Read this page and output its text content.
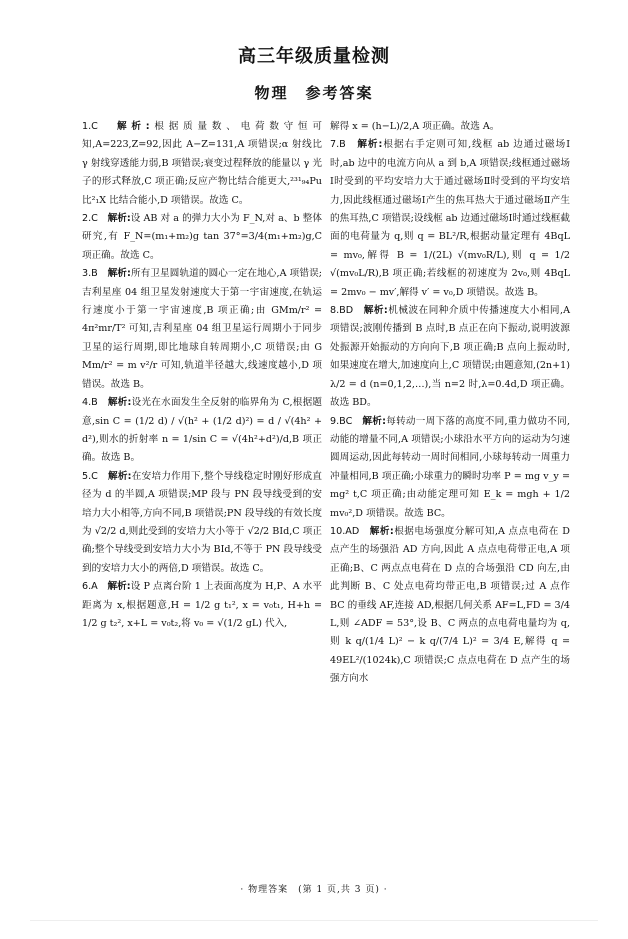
高三年级质量检测
物理　参考答案

1.C　 解析:根据质量数、电荷数守恒可知,A=223,Z=92,因此 A−Z=131,A 项错误;α 射线比 γ 射线穿透能力弱,B 项错误;衰变过程释放的能量以 γ 光子的形式释放,C 项正确;反应产物比结合能更大,²³¹₉₄Pu 比²₁X 比结合能小,D 项错误。故选 C。

2.C　 解析:设 AB 对 a 的弹力大小为 F_N,对 a、b 整体研究,有 F_N=(m₁+m₂)g tan 37°=3/4(m₁+m₂)g,C 项正确。故选 C。

3.B　 解析:所有卫星圆轨道的圆心一定在地心,A 项错误;吉利星座 04 组卫星发射速度大于第一宇宙速度,在轨运行速度小于第一宇宙速度,B 项正确;由 GMm/r² = 4π²mr/T² 可知,吉利星座 04 组卫星运行周期小于同步卫星的运行周期,即比地球自转周期小,C 项错误;由 G Mm/r² = m v²/r 可知,轨道半径越大,线速度越小,D 项错误。故选 B。

4.B　 解析:设光在水面发生全反射的临界角为 C,根据题意,sin C = (1/2 d) / √(h² + (1/2 d)²) = d / √(4h² + d²),则水的折射率 n = 1/sin C = √(4h²+d²)/d,B 项正确。故选 B。

5.C　 解析:在安培力作用下,整个导线稳定时刚好形成直径为 d 的半圆,A 项错误;MP 段与 PN 段导线受到的安培力大小相等,方向不同,B 项错误;PN 段导线的有效长度为 √2/2 d,则此受到的安培力大小等于 √2/2 BId,C 项正确;整个导线受到安培力大小为 BId,不等于 PN 段导线受到的安培力大小的两倍,D 项错误。故选 C。

6.A　 解析:设 P 点离台阶 1 上表面高度为 H,P、A 水平距离为 x,根据题意,H = 1/2 g t₁², x = v₀t₁, H+h = 1/2 g t₂², x+L = v₀t₂,将 v₀ = √(1/2 gL) 代入,

解得 x = (h−L)/2,A 项正确。故选 A。

7.B　 解析:根据右手定则可知,线框 ab 边通过磁场Ⅰ时,ab 边中的电流方向从 a 到 b,A 项错误;线框通过磁场Ⅰ时受到的平均安培力大于通过磁场Ⅱ时受到的平均安培力,因此线框通过磁场Ⅰ产生的焦耳热大于通过磁场Ⅱ产生的焦耳热,C 项错误;设线框 ab 边通过磁场Ⅰ时通过线框截面的电荷量为 q,则 q = BL²/R,根据动量定理有 4BqL = mv₀,解得 B = 1/(2L) √(mv₀R/L),则 q = 1/2 √(mv₀L/R),B 项正确;若线框的初速度为 2v₀,则 4BqL = 2mv₀ − mv′,解得 v′ = v₀,D 项错误。故选 B。

8.BD　 解析:机械波在同种介质中传播速度大小相同,A 项错误;波刚传播到 B 点时,B 点正在向下振动,说明波源处振源开始振动的方向向下,B 项正确;B 点向上振动时,如果速度在增大,加速度向上,C 项错误;由题意知,(2n+1) λ/2 = d (n=0,1,2,…),当 n=2 时,λ=0.4d,D 项正确。故选 BD。

9.BC　 解析:每转动一周下落的高度不同,重力做功不同,动能的增量不同,A 项错误;小球沿水平方向的运动为匀速圆周运动,因此每转动一周时间相同,小球每转动一周重力冲量相同,B 项正确;小球重力的瞬时功率 P = mg v_y = mg² t,C 项正确;由动能定理可知 E_k = mgh + 1/2 mv₀²,D 项错误。故选 BC。

10.AD　 解析:根据电场强度分解可知,A 点点电荷在 D 点产生的场强沿 AD 方向,因此 A 点点电荷带正电,A 项正确;B、C 两点点电荷在 D 点的合场强沿 CD 向左,由此判断 B、C 处点电荷均带正电,B 项错误;过 A 点作 BC 的垂线 AF,连接 AD,根据几何关系 AF=L,FD = 3/4 L,则 ∠ADF = 53°,设 B、C 两点的点电荷电量均为 q,则 k q/(1/4 L)² − k q/(7/4 L)² = 3/4 E,解得 q = 49EL²/(1024k),C 项错误;C 点点电荷在 D 点产生的场强方向水

· 物理答案　(第 1 页,共 3 页) ·
